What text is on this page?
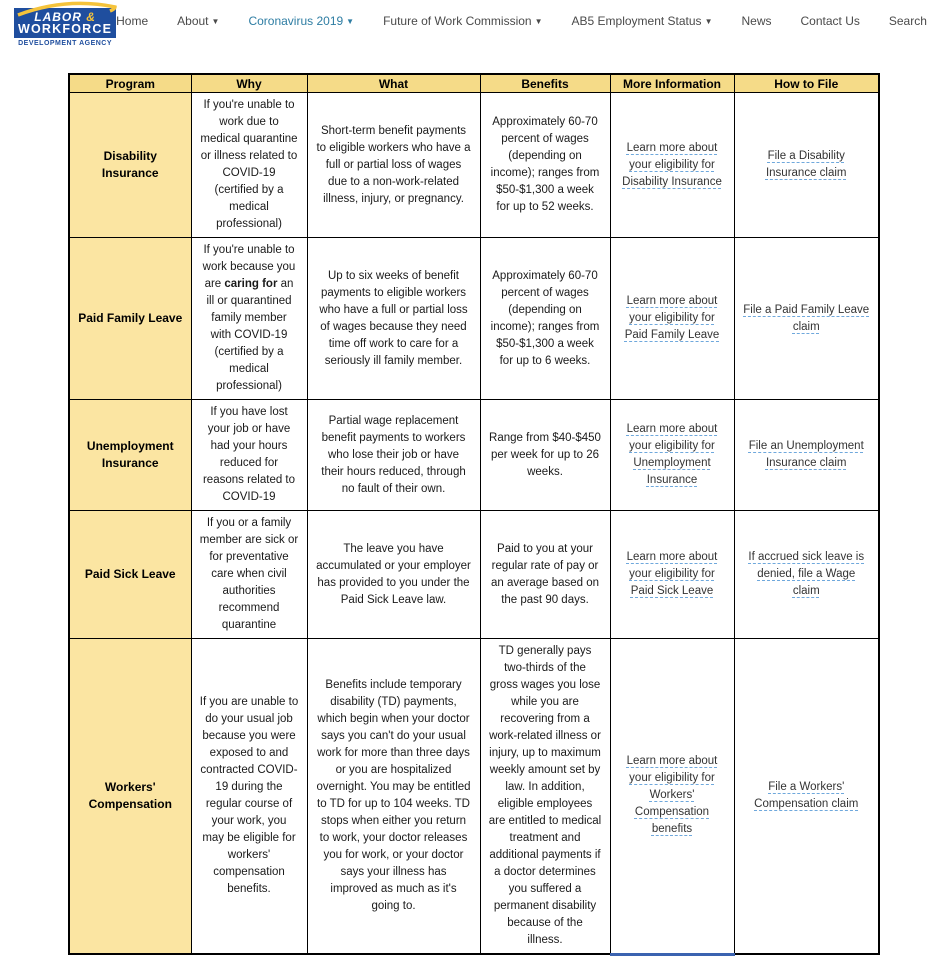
LABOR &
WORKFORCE
DEVELOPMENT AGENCY
Home About ▼ Coronavirus 2019 ▼ Future of Work Commission ▼ AB5 Employment Status ▼ News Contact Us Search
Program	Why	What	Benefits	More Information	How to File
Disability Insurance	If you're unable to work due to medical quarantine or illness related to COVID-19 (certified by a medical professional)	Short-term benefit payments to eligible workers who have a full or partial loss of wages due to a non-work-related illness, injury, or pregnancy.	Approximately 60-70 percent of wages (depending on income); ranges from $50-$1,300 a week for up to 52 weeks.	Learn more about your eligibility for Disability Insurance	File a Disability Insurance claim
Paid Family Leave	If you're unable to work because you are caring for an ill or quarantined family member with COVID-19 (certified by a medical professional)	Up to six weeks of benefit payments to eligible workers who have a full or partial loss of wages because they need time off work to care for a seriously ill family member.	Approximately 60-70 percent of wages (depending on income); ranges from $50-$1,300 a week for up to 6 weeks.	Learn more about your eligibility for Paid Family Leave	File a Paid Family Leave claim
Unemployment Insurance	If you have lost your job or have had your hours reduced for reasons related to COVID-19	Partial wage replacement benefit payments to workers who lose their job or have their hours reduced, through no fault of their own.	Range from $40-$450 per week for up to 26 weeks.	Learn more about your eligibility for Unemployment Insurance	File an Unemployment Insurance claim
Paid Sick Leave	If you or a family member are sick or for preventative care when civil authorities recommend quarantine	The leave you have accumulated or your employer has provided to you under the Paid Sick Leave law.	Paid to you at your regular rate of pay or an average based on the past 90 days.	Learn more about your eligibility for Paid Sick Leave	If accrued sick leave is denied, file a Wage claim
Workers' Compensation	If you are unable to do your usual job because you were exposed to and contracted COVID-19 during the regular course of your work, you may be eligible for workers' compensation benefits.	Benefits include temporary disability (TD) payments, which begin when your doctor says you can't do your usual work for more than three days or you are hospitalized overnight. You may be entitled to TD for up to 104 weeks. TD stops when either you return to work, your doctor releases you for work, or your doctor says your illness has improved as much as it's going to.	TD generally pays two-thirds of the gross wages you lose while you are recovering from a work-related illness or injury, up to maximum weekly amount set by law. In addition, eligible employees are entitled to medical treatment and additional payments if a doctor determines you suffered a permanent disability because of the illness.	Learn more about your eligibility for Workers' Compensation benefits	File a Workers' Compensation claim
